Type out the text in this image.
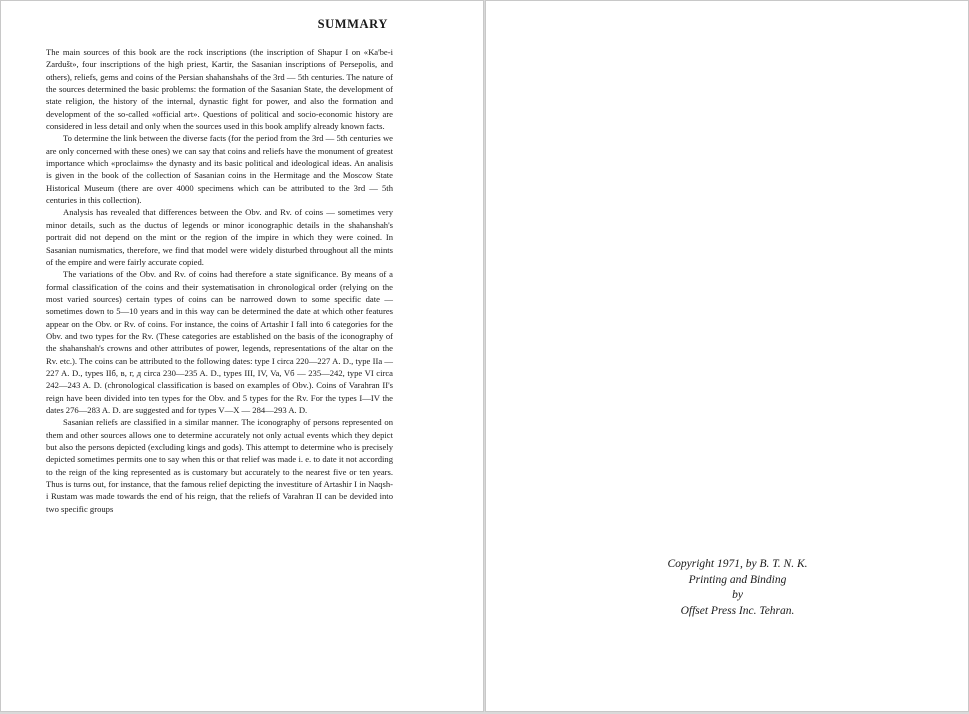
SUMMARY

The main sources of this book are the rock inscriptions (the inscription of Shapur I on «Ka'be-i Zardušt», four inscriptions of the high priest, Kartir, the Sasanian inscriptions of Persepolis, and others), reliefs, gems and coins of the Persian shahanshahs of the 3rd — 5th centuries. The nature of the sources determined the basic problems: the formation of the Sasanian State, the development of state religion, the history of the internal, dynastic fight for power, and also the formation and development of the so-called «official art». Questions of political and socio-economic history are considered in less detail and only when the sources used in this book amplify already known facts.

To determine the link between the diverse facts (for the period from the 3rd — 5th centuries we are only concerned with these ones) we can say that coins and reliefs have the monument of greatest importance which «proclaims» the dynasty and its basic political and ideological ideas. An analisis is given in the book of the collection of Sasanian coins in the Hermitage and the Moscow State Historical Museum (there are over 4000 specimens which can be attributed to the 3rd — 5th centuries in this collection).

Analysis has revealed that differences between the Obv. and Rv. of coins — sometimes very minor details, such as the ductus of legends or minor iconographic details in the shahanshah's portrait did not depend on the mint or the region of the impire in which they were coined. In Sasanian numismatics, therefore, we find that model were widely disturbed throughout all the mints of the empire and were fairly accurate copied.

The variations of the Obv. and Rv. of coins had therefore a state significance. By means of a formal classification of the coins and their systematisation in chronological order (relying on the most varied sources) certain types of coins can be narrowed down to some specific date — sometimes down to 5—10 years and in this way can be determined the date at which other features appear on the Obv. or Rv. of coins. For instance, the coins of Artashir I fall into 6 categories for the Obv. and two types for the Rv. (These categories are established on the basis of the iconography of the shahanshah's crowns and other attributes of power, legends, representations of the altar on the Rv. etc.). The coins can be attributed to the following dates: type I circa 220—227 A. D., type IIa — 227 A. D., types IIб, в, г, д circa 230—235 A. D., types III, IV, Va, Vб — 235—242, type VI circa 242—243 A. D. (chronological classification is based on examples of Obv.). Coins of Varahran II's reign have been divided into ten types for the Obv. and 5 types for the Rv. For the types I—IV the dates 276—283 A. D. are suggested and for types V—X — 284—293 A. D.

Sasanian reliefs are classified in a similar manner. The iconography of persons represented on them and other sources allows one to determine accurately not only actual events which they depict but also the persons depicted (excluding kings and gods). This attempt to determine who is precisely depicted sometimes permits one to say when this or that relief was made i. e. to date it not according to the reign of the king represented as is customary but accurately to the nearest five or ten years. Thus is turns out, for instance, that the famous relief depicting the investiture of Artashir I in Naqsh-i Rustam was made towards the end of his reign, that the reliefs of Varahran II can be devided into two specific groups

Copyright 1971, by B. T. N. K.
Printing and Binding
by
Offset Press Inc. Tehran.
